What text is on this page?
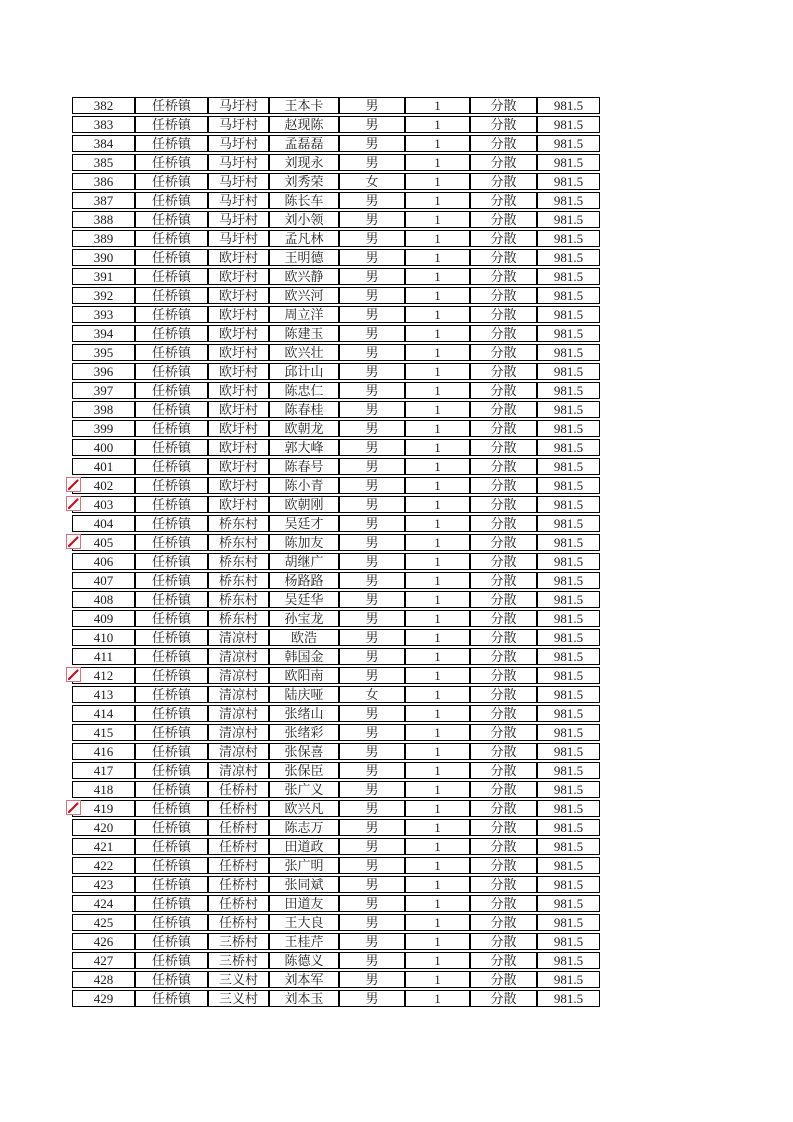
382	任桥镇	马圩村	王本卡	男	1	分散	981.5
383	任桥镇	马圩村	赵现陈	男	1	分散	981.5
384	任桥镇	马圩村	孟磊磊	男	1	分散	981.5
385	任桥镇	马圩村	刘现永	男	1	分散	981.5
386	任桥镇	马圩村	刘秀荣	女	1	分散	981.5
387	任桥镇	马圩村	陈长车	男	1	分散	981.5
388	任桥镇	马圩村	刘小领	男	1	分散	981.5
389	任桥镇	马圩村	孟凡林	男	1	分散	981.5
390	任桥镇	欧圩村	王明德	男	1	分散	981.5
391	任桥镇	欧圩村	欧兴静	男	1	分散	981.5
392	任桥镇	欧圩村	欧兴河	男	1	分散	981.5
393	任桥镇	欧圩村	周立洋	男	1	分散	981.5
394	任桥镇	欧圩村	陈建玉	男	1	分散	981.5
395	任桥镇	欧圩村	欧兴壮	男	1	分散	981.5
396	任桥镇	欧圩村	邱计山	男	1	分散	981.5
397	任桥镇	欧圩村	陈忠仁	男	1	分散	981.5
398	任桥镇	欧圩村	陈春桂	男	1	分散	981.5
399	任桥镇	欧圩村	欧朝龙	男	1	分散	981.5
400	任桥镇	欧圩村	郭大峰	男	1	分散	981.5
401	任桥镇	欧圩村	陈春号	男	1	分散	981.5
402	任桥镇	欧圩村	陈小青	男	1	分散	981.5
403	任桥镇	欧圩村	欧朝刚	男	1	分散	981.5
404	任桥镇	桥东村	吴廷才	男	1	分散	981.5
405	任桥镇	桥东村	陈加友	男	1	分散	981.5
406	任桥镇	桥东村	胡继广	男	1	分散	981.5
407	任桥镇	桥东村	杨路路	男	1	分散	981.5
408	任桥镇	桥东村	吴廷华	男	1	分散	981.5
409	任桥镇	桥东村	孙宝龙	男	1	分散	981.5
410	任桥镇	清凉村	欧浩	男	1	分散	981.5
411	任桥镇	清凉村	韩国金	男	1	分散	981.5
412	任桥镇	清凉村	欧阳南	男	1	分散	981.5
413	任桥镇	清凉村	陆庆哑	女	1	分散	981.5
414	任桥镇	清凉村	张绪山	男	1	分散	981.5
415	任桥镇	清凉村	张绪彩	男	1	分散	981.5
416	任桥镇	清凉村	张保喜	男	1	分散	981.5
417	任桥镇	清凉村	张保臣	男	1	分散	981.5
418	任桥镇	任桥村	张广义	男	1	分散	981.5
419	任桥镇	任桥村	欧兴凡	男	1	分散	981.5
420	任桥镇	任桥村	陈志万	男	1	分散	981.5
421	任桥镇	任桥村	田道政	男	1	分散	981.5
422	任桥镇	任桥村	张广明	男	1	分散	981.5
423	任桥镇	任桥村	张同斌	男	1	分散	981.5
424	任桥镇	任桥村	田道友	男	1	分散	981.5
425	任桥镇	任桥村	王大良	男	1	分散	981.5
426	任桥镇	三桥村	王桂芹	男	1	分散	981.5
427	任桥镇	三桥村	陈德义	男	1	分散	981.5
428	任桥镇	三义村	刘本军	男	1	分散	981.5
429	任桥镇	三义村	刘本玉	男	1	分散	981.5
